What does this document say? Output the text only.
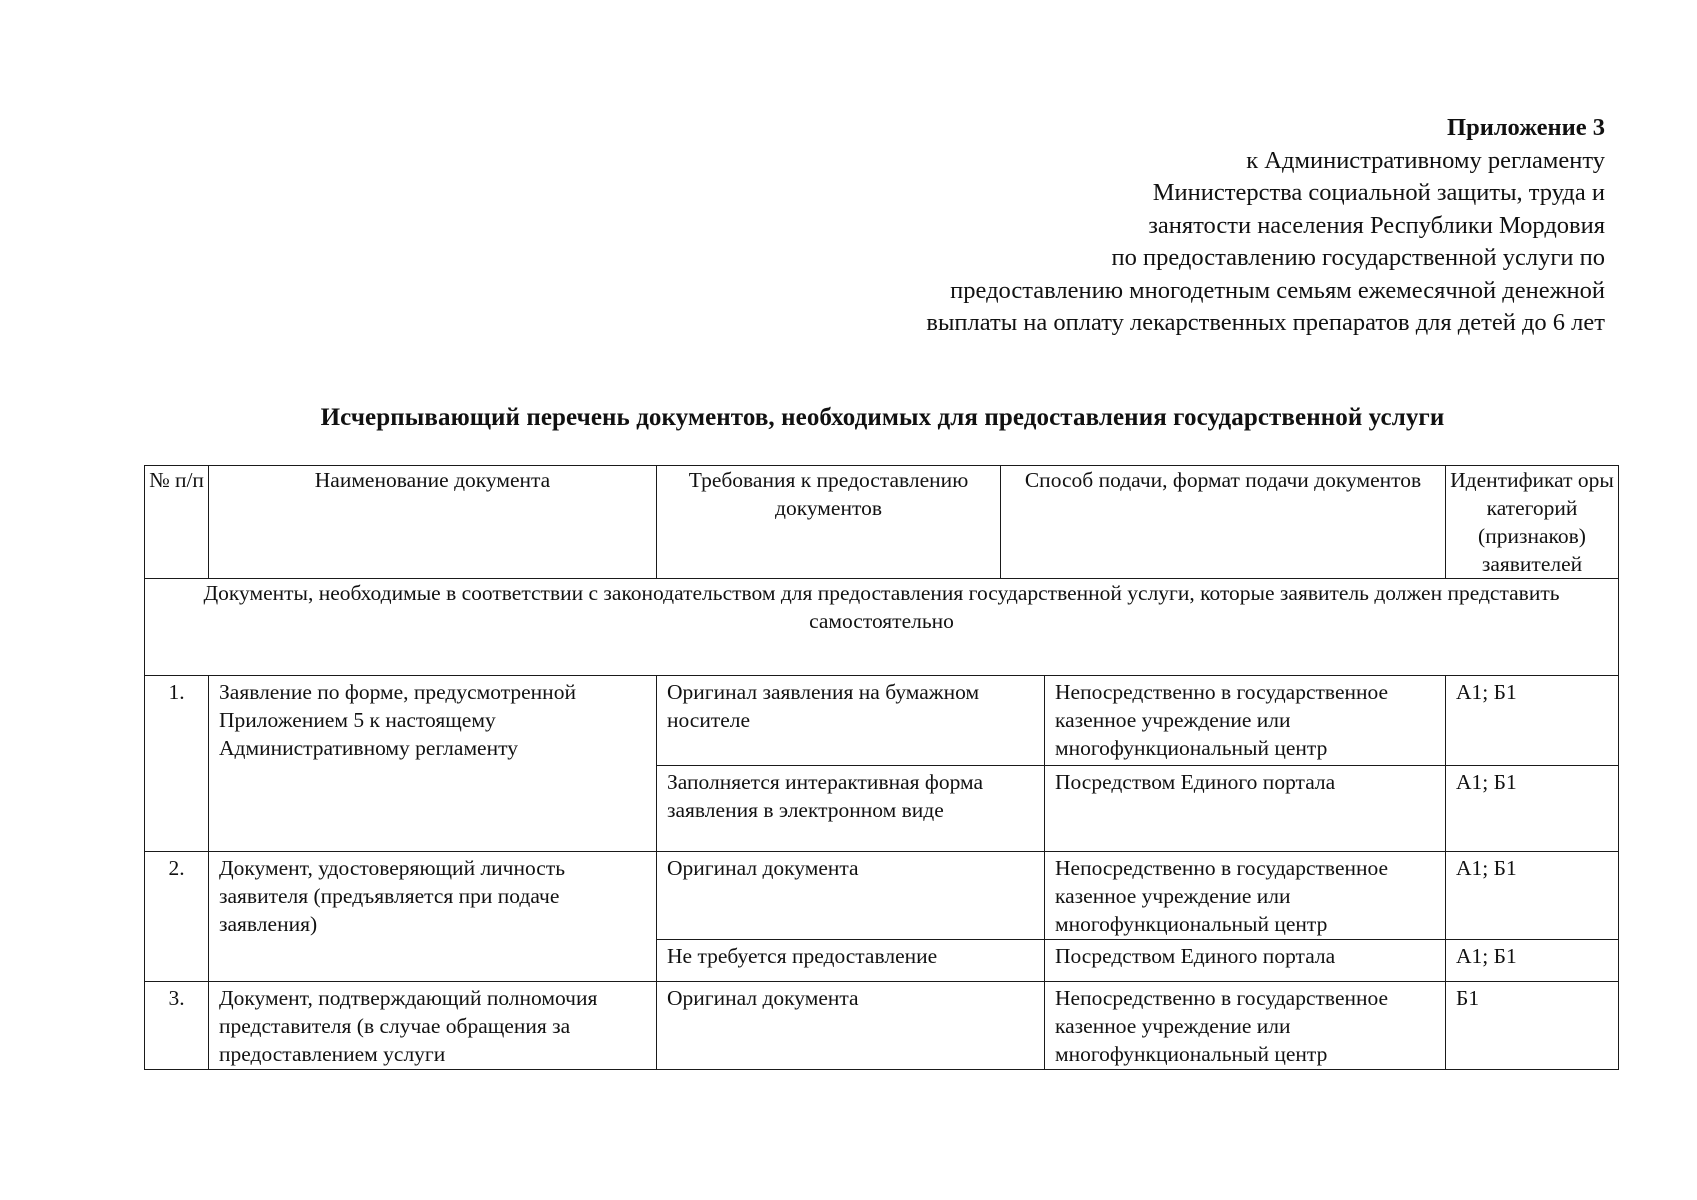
Приложение 3
к Административному регламенту
Министерства социальной защиты, труда и
занятости населения Республики Мордовия
по предоставлению государственной услуги по
предоставлению многодетным семьям ежемесячной денежной
выплаты на оплату лекарственных препаратов для детей до 6 лет
Исчерпывающий перечень документов, необходимых для предоставления государственной услуги
№ п/п	Наименование документа	Требования к предоставлению документов	Способ подачи, формат подачи документов		Идентификат оры категорий (признаков) заявителей
Документы, необходимые в соответствии с законодательством для предоставления государственной услуги, которые заявитель должен представить самостоятельно					
1.	Заявление по форме, предусмотренной Приложением 5 к настоящему Административному регламенту	Оригинал заявления на бумажном носителе		Непосредственно в государственное казенное учреждение или многофункциональный центр	А1; Б1
		Заполняется интерактивная форма заявления в электронном виде		Посредством Единого портала	А1; Б1
2.	Документ, удостоверяющий личность заявителя (предъявляется при подаче заявления)	Оригинал документа		Непосредственно в государственное казенное учреждение или многофункциональный центр	А1; Б1
		Не требуется предоставление		Посредством Единого портала	А1; Б1
3.	Документ, подтверждающий полномочия представителя (в случае обращения за предоставлением услуги	Оригинал документа		Непосредственно в государственное казенное учреждение или многофункциональный центр	Б1
